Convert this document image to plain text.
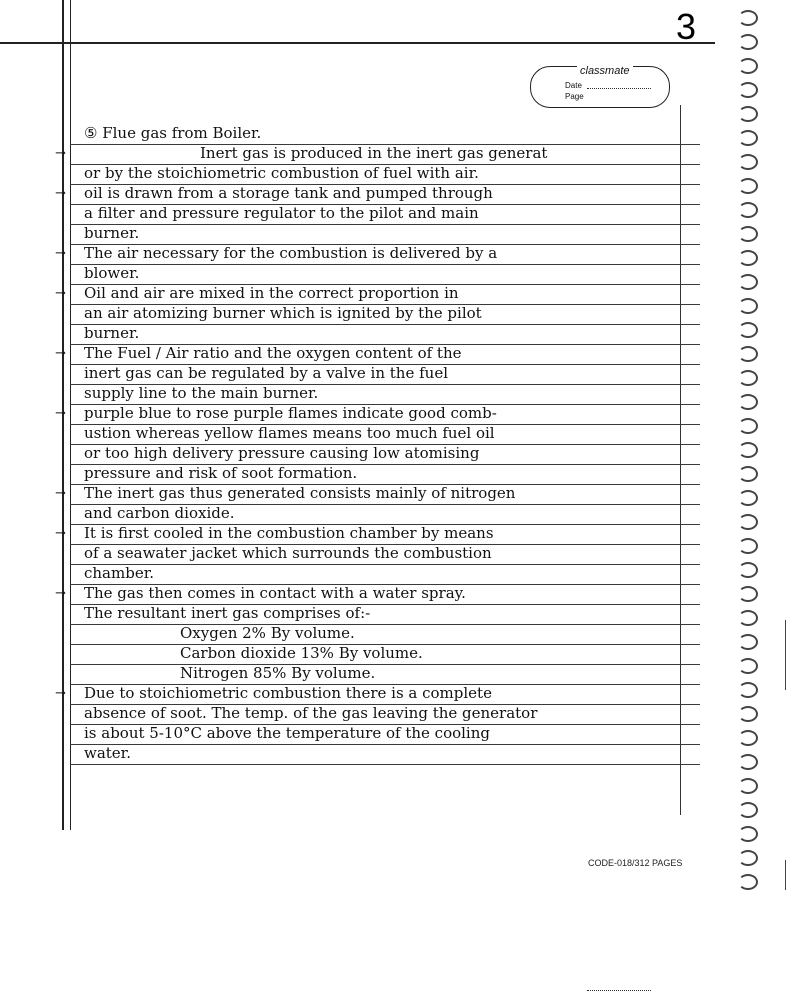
3
classmate
Date
Page
⑤ Flue gas from Boiler.
→	Inert gas is produced in the inert gas generat
or by the stoichiometric combustion of fuel with air.
→ oil is drawn from a storage tank and pumped through
a filter and pressure regulator to the pilot and main
burner.
→ The air necessary for the combustion is delivered by a
blower.
→ Oil and air are mixed in the correct proportion in
an air atomizing burner which is ignited by the pilot
burner.
→ The Fuel / Air ratio and the oxygen content of the
inert gas can be regulated by a valve in the fuel
supply line to the main burner.
→ purple blue to rose purple flames indicate good comb-
ustion whereas yellow flames means too much fuel oil
or too high delivery pressure causing low atomising
pressure and risk of soot formation.
→ The inert gas thus generated consists mainly of nitrogen
and carbon dioxide.
→ It is first cooled in the combustion chamber by means
of a seawater jacket which surrounds the combustion
chamber.
→ The gas then comes in contact with a water spray.
The resultant inert gas comprises of:-
Oxygen 2% By volume.
Carbon dioxide 13% By volume.
Nitrogen 85% By volume.
→ Due to stoichiometric combustion there is a complete
absence of soot. The temp. of the gas leaving the generator
is about 5-10°C above the temperature of the cooling
water.
CODE-018/312 PAGES
